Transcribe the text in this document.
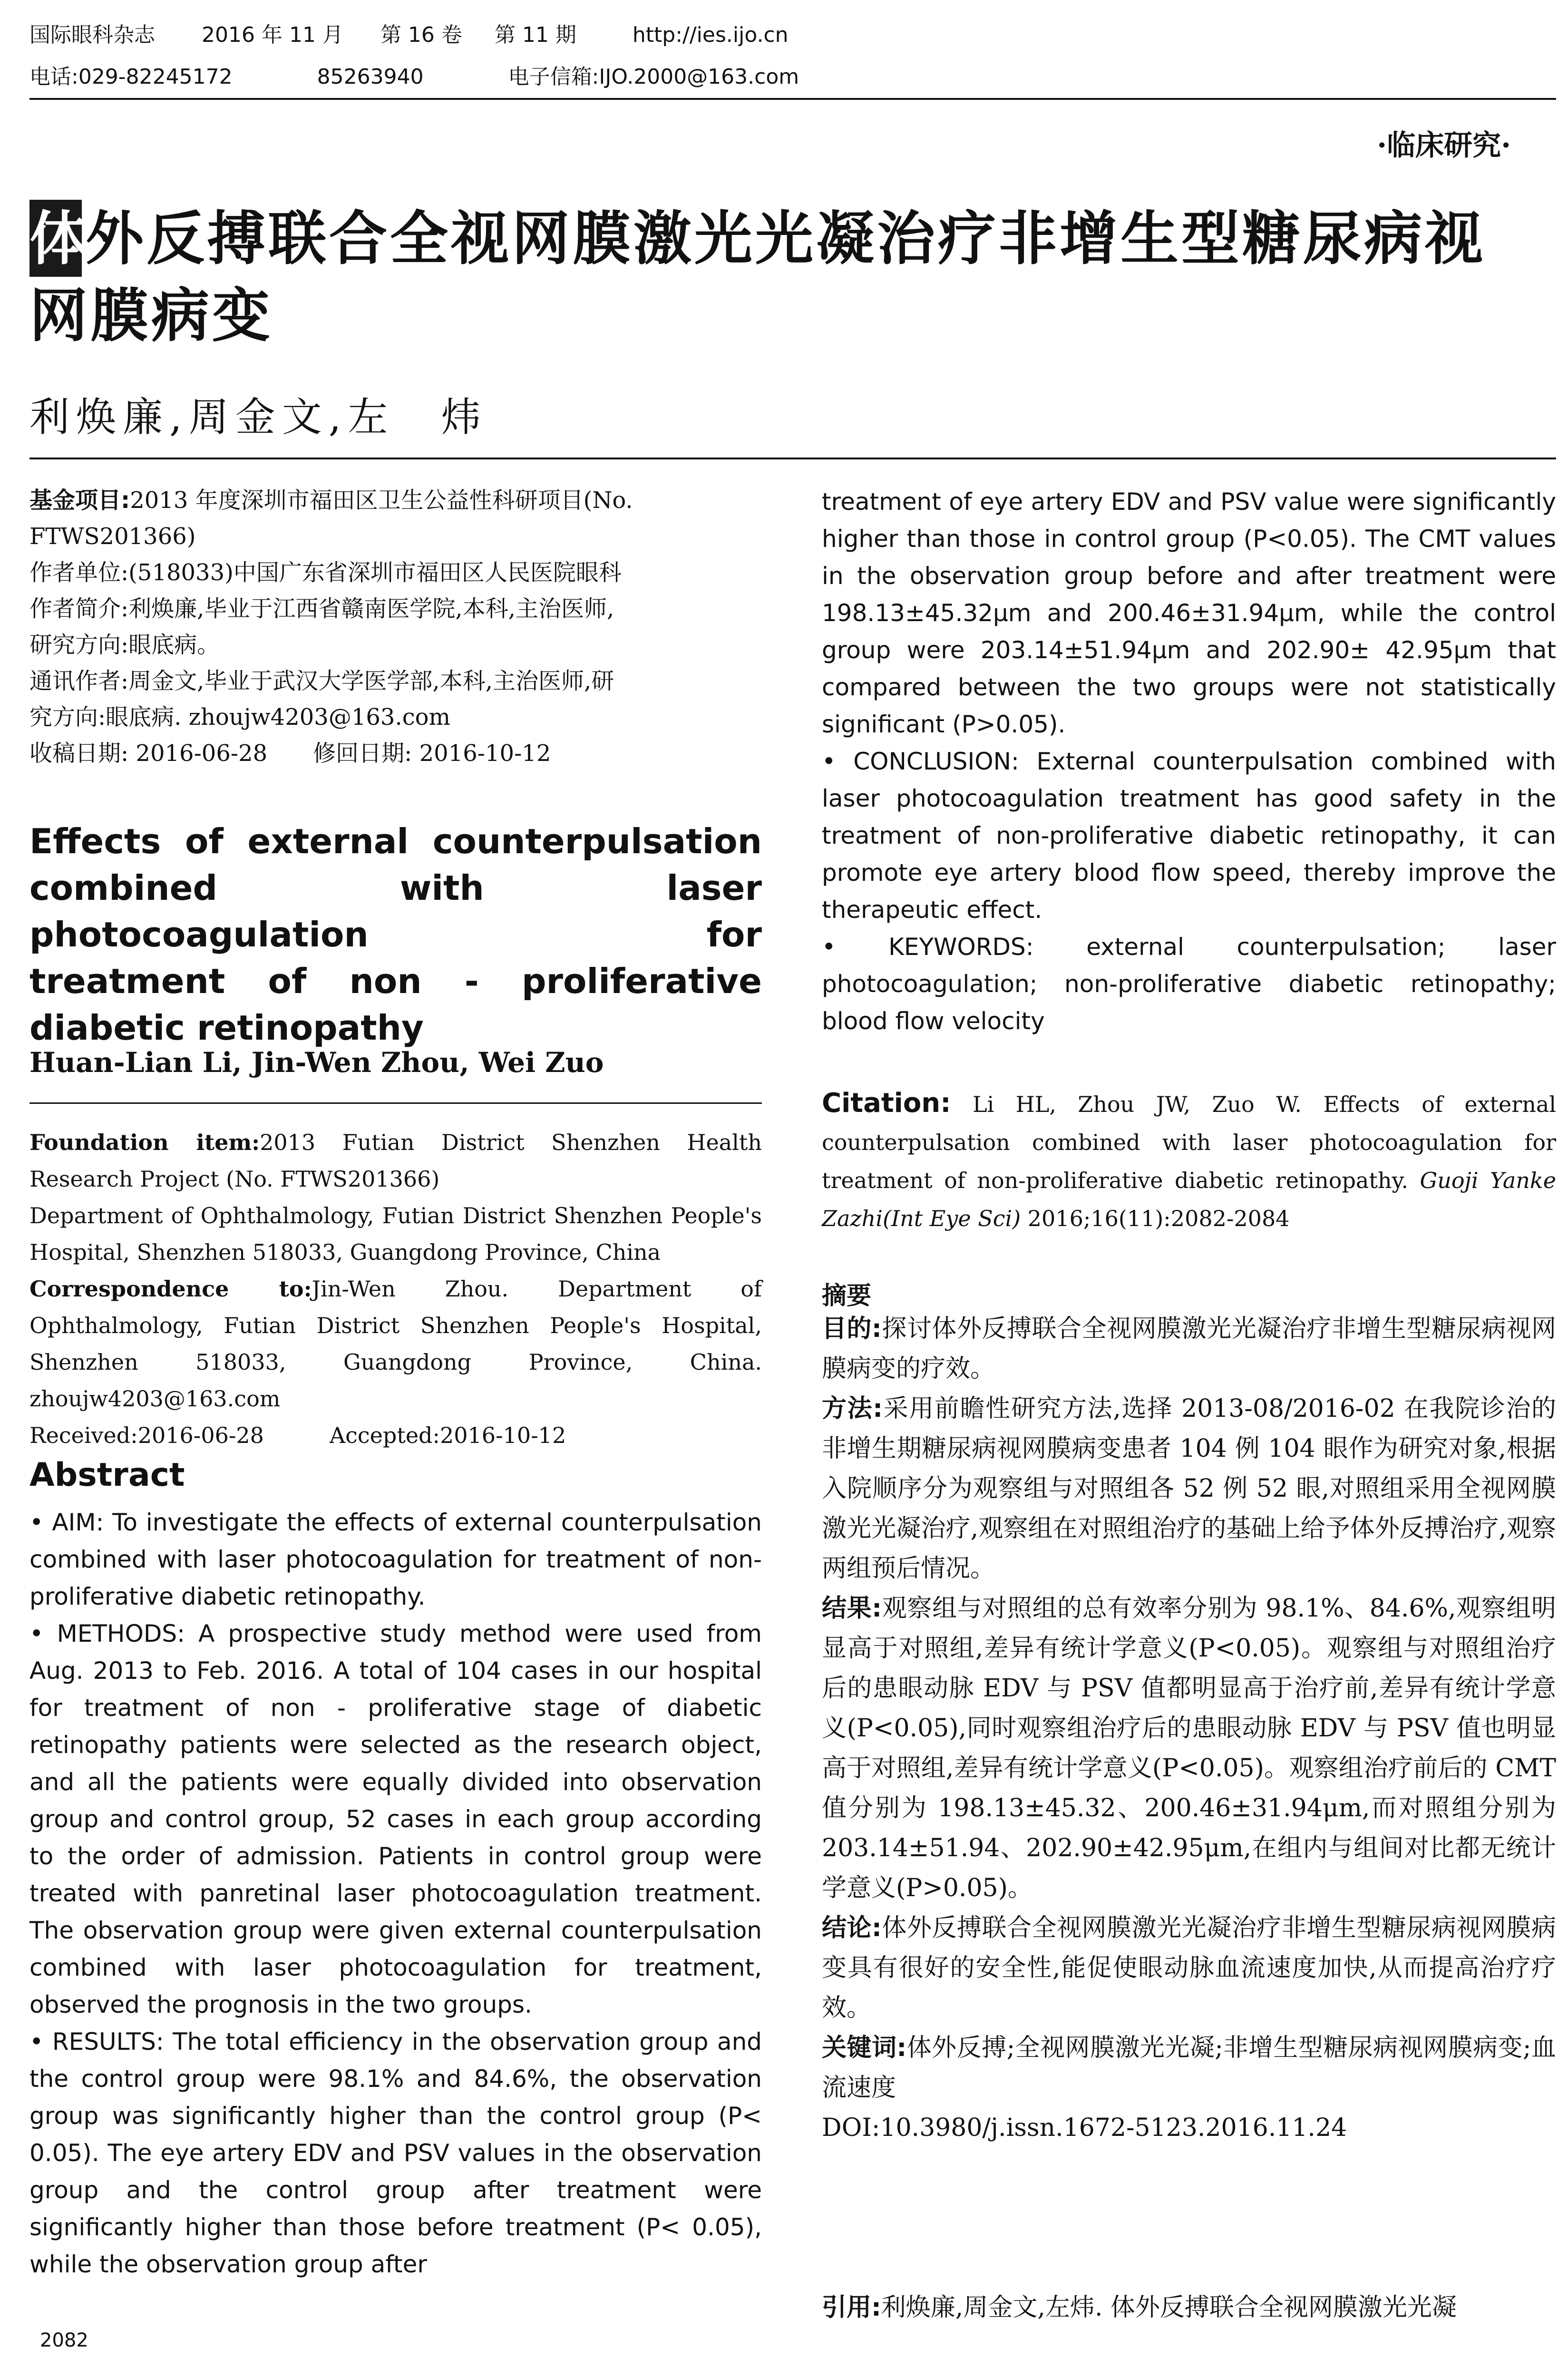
国际眼科杂志 2016 年 11 月 第 16 卷 第 11 期	http://ies.ijo.cn
电话:029-82245172	85263940	电子信箱:IJO.2000@163.com
·临床研究·
体外反搏联合全视网膜激光光凝治疗非增生型糖尿病视
网膜病变
利焕廉,周金文,左　炜

基金项目:2013 年度深圳市福田区卫生公益性科研项目(No.

FTWS201366)

作者单位:(518033)中国广东省深圳市福田区人民医院眼科

作者简介:利焕廉,毕业于江西省赣南医学院,本科,主治医师,

研究方向:眼底病。

通讯作者:周金文,毕业于武汉大学医学部,本科,主治医师,研

究方向:眼底病. zhoujw4203@163.com

收稿日期: 2016-06-28　　修回日期: 2016-10-12

Effects of external counterpulsation
combined with laser photocoagulation for
treatment of non - proliferative
diabetic retinopathy
Huan-Lian Li, Jin-Wen Zhou, Wei Zuo

Foundation item:2013 Futian District Shenzhen Health Research Project (No. FTWS201366)

Department of Ophthalmology, Futian District Shenzhen People's Hospital, Shenzhen 518033, Guangdong Province, China

Correspondence to:Jin-Wen Zhou. Department of Ophthalmology, Futian District Shenzhen People's Hospital, Shenzhen 518033, Guangdong Province, China. zhoujw4203@163.com

Received:2016-06-28　　　Accepted:2016-10-12

Abstract

• AIM: To investigate the effects of external counterpulsation combined with laser photocoagulation for treatment of non-proliferative diabetic retinopathy.

• METHODS: A prospective study method were used from Aug. 2013 to Feb. 2016. A total of 104 cases in our hospital for treatment of non - proliferative stage of diabetic retinopathy patients were selected as the research object, and all the patients were equally divided into observation group and control group, 52 cases in each group according to the order of admission. Patients in control group were treated with panretinal laser photocoagulation treatment. The observation group were given external counterpulsation combined with laser photocoagulation for treatment, observed the prognosis in the two groups.

• RESULTS: The total efficiency in the observation group and the control group were 98.1% and 84.6%, the observation group was significantly higher than the control group (P< 0.05). The eye artery EDV and PSV values in the observation group and the control group after treatment were significantly higher than those before treatment (P< 0.05), while the observation group after

2082

treatment of eye artery EDV and PSV value were significantly higher than those in control group (P<0.05). The CMT values in the observation group before and after treatment were 198.13±45.32μm and 200.46±31.94μm, while the control group were 203.14±51.94μm and 202.90± 42.95μm that compared between the two groups were not statistically significant (P>0.05).

• CONCLUSION: External counterpulsation combined with laser photocoagulation treatment has good safety in the treatment of non-proliferative diabetic retinopathy, it can promote eye artery blood flow speed, thereby improve the therapeutic effect.

• KEYWORDS: external counterpulsation; laser photocoagulation; non-proliferative diabetic retinopathy; blood flow velocity

Citation: Li HL, Zhou JW, Zuo W. Effects of external counterpulsation combined with laser photocoagulation for treatment of non-proliferative diabetic retinopathy. Guoji Yanke Zazhi(Int Eye Sci) 2016;16(11):2082-2084
摘要

目的:探讨体外反搏联合全视网膜激光光凝治疗非增生型糖尿病视网膜病变的疗效。

方法:采用前瞻性研究方法,选择 2013-08/2016-02 在我院诊治的非增生期糖尿病视网膜病变患者 104 例 104 眼作为研究对象,根据入院顺序分为观察组与对照组各 52 例 52 眼,对照组采用全视网膜激光光凝治疗,观察组在对照组治疗的基础上给予体外反搏治疗,观察两组预后情况。

结果:观察组与对照组的总有效率分别为 98.1%、84.6%,观察组明显高于对照组,差异有统计学意义(P<0.05)。观察组与对照组治疗后的患眼动脉 EDV 与 PSV 值都明显高于治疗前,差异有统计学意义(P<0.05),同时观察组治疗后的患眼动脉 EDV 与 PSV 值也明显高于对照组,差异有统计学意义(P<0.05)。观察组治疗前后的 CMT 值分别为 198.13±45.32、200.46±31.94μm,而对照组分别为 203.14±51.94、202.90±42.95μm,在组内与组间对比都无统计学意义(P>0.05)。

结论:体外反搏联合全视网膜激光光凝治疗非增生型糖尿病视网膜病变具有很好的安全性,能促使眼动脉血流速度加快,从而提高治疗疗效。

关键词:体外反搏;全视网膜激光光凝;非增生型糖尿病视网膜病变;血流速度

DOI:10.3980/j.issn.1672-5123.2016.11.24

引用:利焕廉,周金文,左炜. 体外反搏联合全视网膜激光光凝
